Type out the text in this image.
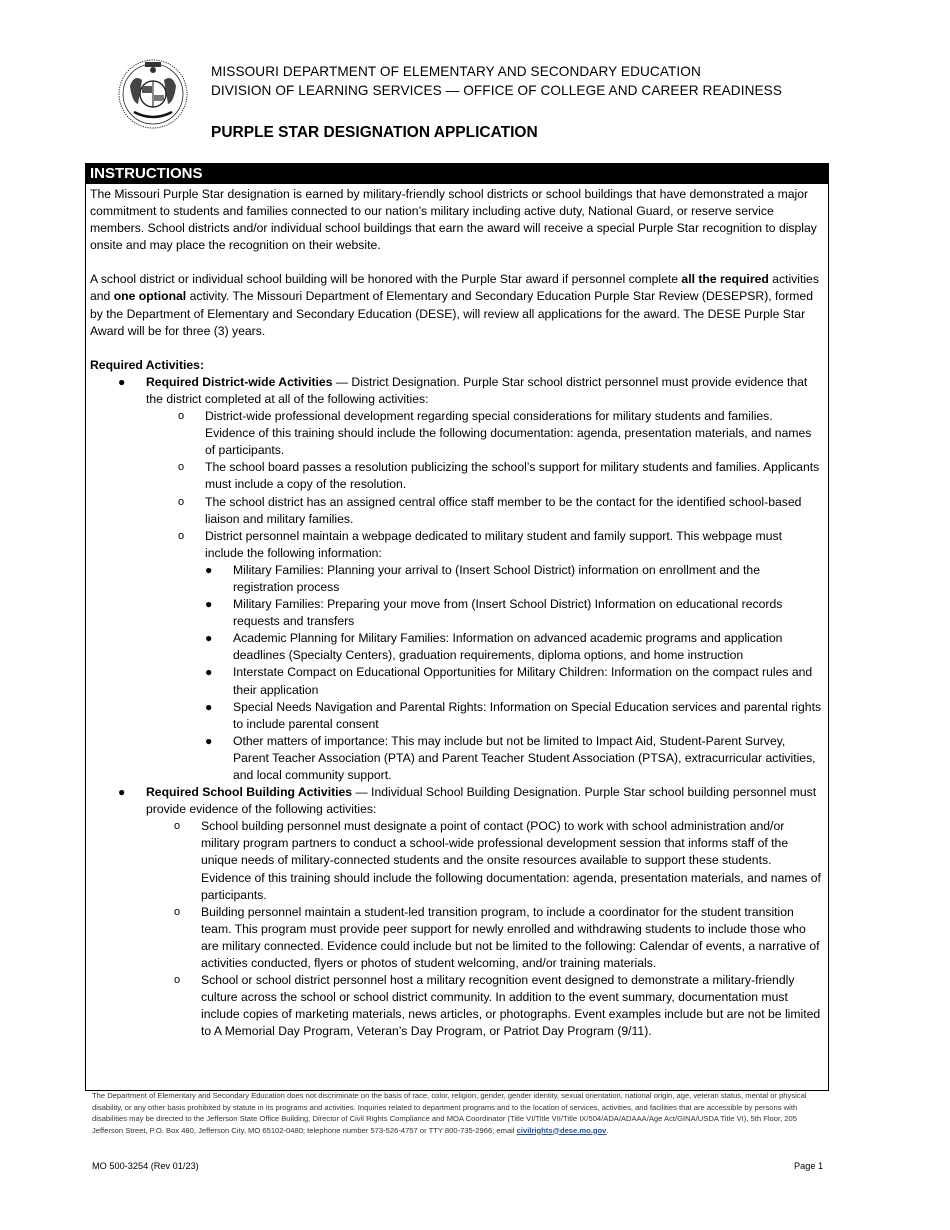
MISSOURI DEPARTMENT OF ELEMENTARY AND SECONDARY EDUCATION
DIVISION OF LEARNING SERVICES — OFFICE OF COLLEGE AND CAREER READINESS
PURPLE STAR DESIGNATION APPLICATION
INSTRUCTIONS

The Missouri Purple Star designation is earned by military-friendly school districts or school buildings that have demonstrated a major commitment to students and families connected to our nation’s military including active duty, National Guard, or reserve service members. School districts and/or individual school buildings that earn the award will receive a special Purple Star recognition to display onsite and may place the recognition on their website.

A school district or individual school building will be honored with the Purple Star award if personnel complete all the required activities and one optional activity. The Missouri Department of Elementary and Secondary Education Purple Star Review (DESEPSR), formed by the Department of Elementary and Secondary Education (DESE), will review all applications for the award. The DESE Purple Star Award will be for three (3) years.

Required Activities:

● Required District-wide Activities — District Designation. Purple Star school district personnel must provide evidence that the district completed at all of the following activities:
o District-wide professional development regarding special considerations for military students and families. Evidence of this training should include the following documentation: agenda, presentation materials, and names of participants.
o The school board passes a resolution publicizing the school’s support for military students and families. Applicants must include a copy of the resolution.
o The school district has an assigned central office staff member to be the contact for the identified school-based liaison and military families.
o District personnel maintain a webpage dedicated to military student and family support. This webpage must include the following information:
● Military Families: Planning your arrival to (Insert School District) information on enrollment and the registration process
● Military Families: Preparing your move from (Insert School District) Information on educational records requests and transfers
● Academic Planning for Military Families: Information on advanced academic programs and application deadlines (Specialty Centers), graduation requirements, diploma options, and home instruction
● Interstate Compact on Educational Opportunities for Military Children: Information on the compact rules and their application
● Special Needs Navigation and Parental Rights: Information on Special Education services and parental rights to include parental consent
● Other matters of importance: This may include but not be limited to Impact Aid, Student-Parent Survey, Parent Teacher Association (PTA) and Parent Teacher Student Association (PTSA), extracurricular activities, and local community support.
● Required School Building Activities — Individual School Building Designation. Purple Star school building personnel must provide evidence of the following activities:
o School building personnel must designate a point of contact (POC) to work with school administration and/or military program partners to conduct a school-wide professional development session that informs staff of the unique needs of military-connected students and the onsite resources available to support these students. Evidence of this training should include the following documentation: agenda, presentation materials, and names of participants.
o Building personnel maintain a student-led transition program, to include a coordinator for the student transition team. This program must provide peer support for newly enrolled and withdrawing students to include those who are military connected. Evidence could include but not be limited to the following: Calendar of events, a narrative of activities conducted, flyers or photos of student welcoming, and/or training materials.
o School or school district personnel host a military recognition event designed to demonstrate a military-friendly culture across the school or school district community. In addition to the event summary, documentation must include copies of marketing materials, news articles, or photographs. Event examples include but are not be limited to A Memorial Day Program, Veteran’s Day Program, or Patriot Day Program (9/11).
The Department of Elementary and Secondary Education does not discriminate on the basis of race, color, religion, gender, gender identity, sexual orientation, national origin, age, veteran status, mental or physical disability, or any other basis prohibited by statute in its programs and activities. Inquiries related to department programs and to the location of services, activities, and facilities that are accessible by persons with disabilities may be directed to the Jefferson State Office Building, Director of Civil Rights Compliance and MOA Coordinator (Title VI/Title VII/Title IX/504/ADA/ADAAA/Age Act/GINA/USDA Title VI), 5th Floor, 205 Jefferson Street, P.O. Box 480, Jefferson City, MO 65102-0480; telephone number 573-526-4757 or TTY 800-735-2966; email civilrights@dese.mo.gov.
MO 500-3254 (Rev 01/23)	Page 1
